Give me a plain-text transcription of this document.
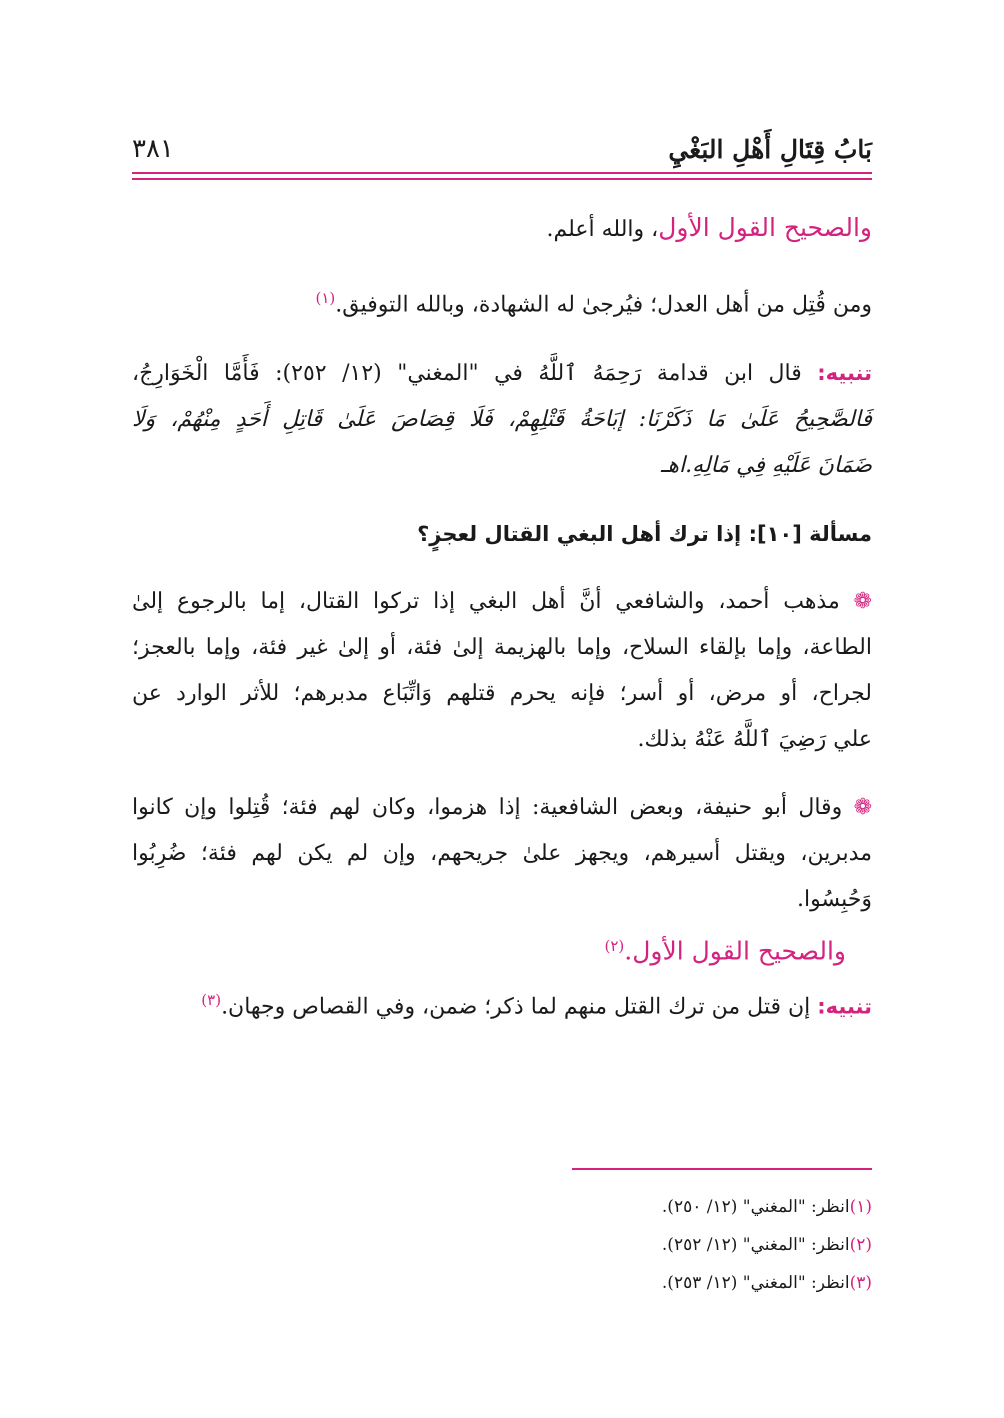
بَابُ قِتَالِ أَهْلِ البَغْيِ
٣٨١

والصحيح القول الأول، والله أعلم.

ومن قُتِل من أهل العدل؛ فيُرجىٰ له الشهادة، وبالله التوفيق.$^{(١)}$

تنبيه: قال ابن قدامة رَحِمَهُ ٱللَّهُ في "المغني" (١٢/ ٢٥٢): فَأَمَّا الْخَوَارِجُ،

فَالصَّحِيحُ عَلَىٰ مَا ذَكَرْنَا: إبَاحَةُ قَتْلِهِمْ، فَلَا قِصَاصَ عَلَىٰ قَاتِلِ أَحَدٍ مِنْهُمْ، وَلَا

ضَمَانَ عَلَيْهِ فِي مَالِهِ.اهـ

مسألة [١٠]: إذا ترك أهل البغي القتال لعجزٍ؟

❁ مذهب أحمد، والشافعي أنَّ أهل البغي إذا تركوا القتال، إما بالرجوع إلىٰ

الطاعة، وإما بإلقاء السلاح، وإما بالهزيمة إلىٰ فئة، أو إلىٰ غير فئة، وإما بالعجز؛

لجراح، أو مرض، أو أسر؛ فإنه يحرم قتلهم وَاتِّبَاع مدبرهم؛ للأثر الوارد عن

علي رَضِيَ ٱللَّهُ عَنْهُ بذلك.

❁ وقال أبو حنيفة، وبعض الشافعية: إذا هزموا، وكان لهم فئة؛ قُتِلوا وإن كانوا

مدبرين، ويقتل أسيرهم، ويجهز علىٰ جريحهم، وإن لم يكن لهم فئة؛ ضُرِبُوا

وَحُبِسُوا.

والصحيح القول الأول.$^{(٢)}$

تنبيه: إن قتل من ترك القتل منهم لما ذكر؛ ضمن، وفي القصاص وجهان.$^{(٣)}$

(١)انظر: "المغني" (١٢/ ٢٥٠).

(٢)انظر: "المغني" (١٢/ ٢٥٢).

(٣)انظر: "المغني" (١٢/ ٢٥٣).
